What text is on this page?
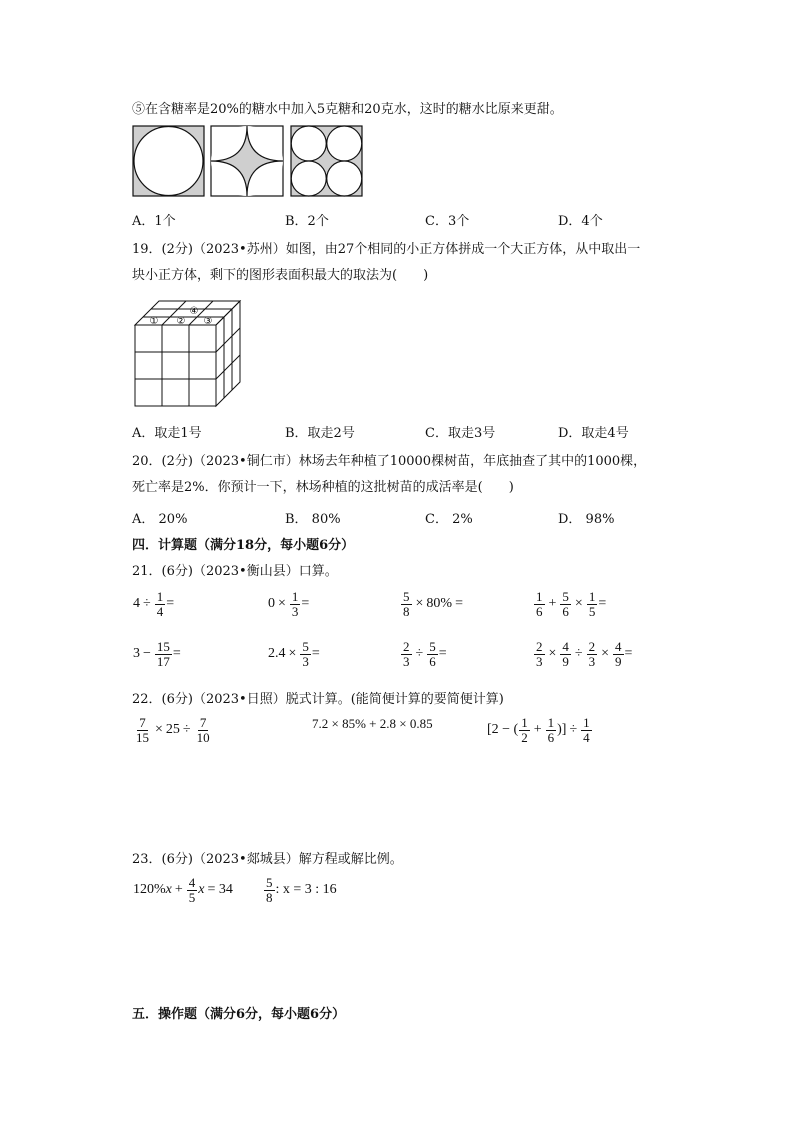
⑤在含糖率是20%的糖水中加入5克糖和20克水，这时的糖水比原来更甜。
A．1个	B．2个	C．3个	D．4个
19．(2分)（2023•苏州）如图，由27个相同的小正方体拼成一个大正方体，从中取出一
块小正方体，剩下的图形表面积最大的取法为(　　)
① ② ③
④
A．取走1号	B．取走2号	C．取走3号	D．取走4号
20．(2分)（2023•铜仁市）林场去年种植了10000棵树苗，年底抽查了其中的1000棵，
死亡率是2%．你预计一下，林场种植的这批树苗的成活率是(　　)
A． 20%	B． 80%	C． 2%	D． 98%
四．计算题（满分18分，每小题6分）
21．(6分)（2023•衡山县）口算。
$4 \div \frac{1}{4}$ =	$0 \times \frac{1}{3}$ =	$\frac{5}{8} \times 80\%$ =	$\frac{1}{6} + \frac{5}{6} \times \frac{1}{5}$ =
$3 - \frac{15}{17}$ =	$2.4 \times \frac{5}{3}$ =	$\frac{2}{3} \div \frac{5}{6}$ =	$\frac{2}{3} \times \frac{4}{9} \div \frac{2}{3} \times \frac{4}{9}$ =
22．(6分)（2023•日照）脱式计算。(能简便计算的要简便计算)
$\frac{7}{15} \times 25 \div \frac{7}{10}$	7.2 × 85% + 2.8 × 0.85	[2 − ( $\frac{1}{2} + \frac{1}{6}$ )] ÷ $\frac{1}{4}$
23．(6分)（2023•郯城县）解方程或解比例。
120% $x + \frac{4}{5}$ $x = 34 \frac{5}{8}$ : x = 3 : 16
五．操作题（满分6分，每小题6分）
